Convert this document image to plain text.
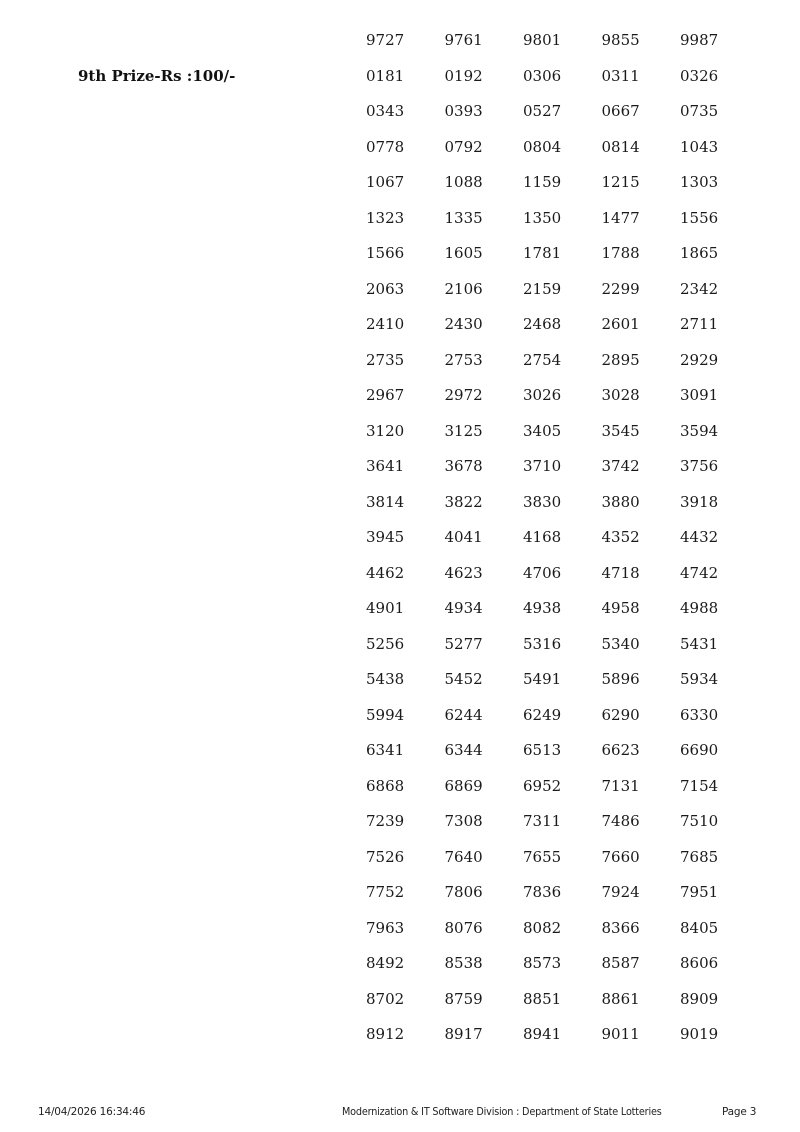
9th Prize-Rs :100/-
9727	9761	9801	9855	9987
0181	0192	0306	0311	0326
0343	0393	0527	0667	0735
0778	0792	0804	0814	1043
1067	1088	1159	1215	1303
1323	1335	1350	1477	1556
1566	1605	1781	1788	1865
2063	2106	2159	2299	2342
2410	2430	2468	2601	2711
2735	2753	2754	2895	2929
2967	2972	3026	3028	3091
3120	3125	3405	3545	3594
3641	3678	3710	3742	3756
3814	3822	3830	3880	3918
3945	4041	4168	4352	4432
4462	4623	4706	4718	4742
4901	4934	4938	4958	4988
5256	5277	5316	5340	5431
5438	5452	5491	5896	5934
5994	6244	6249	6290	6330
6341	6344	6513	6623	6690
6868	6869	6952	7131	7154
7239	7308	7311	7486	7510
7526	7640	7655	7660	7685
7752	7806	7836	7924	7951
7963	8076	8082	8366	8405
8492	8538	8573	8587	8606
8702	8759	8851	8861	8909
8912	8917	8941	9011	9019
14/04/2026 16:34:46	Modernization & IT Software Division : Department of State Lotteries	Page 3
